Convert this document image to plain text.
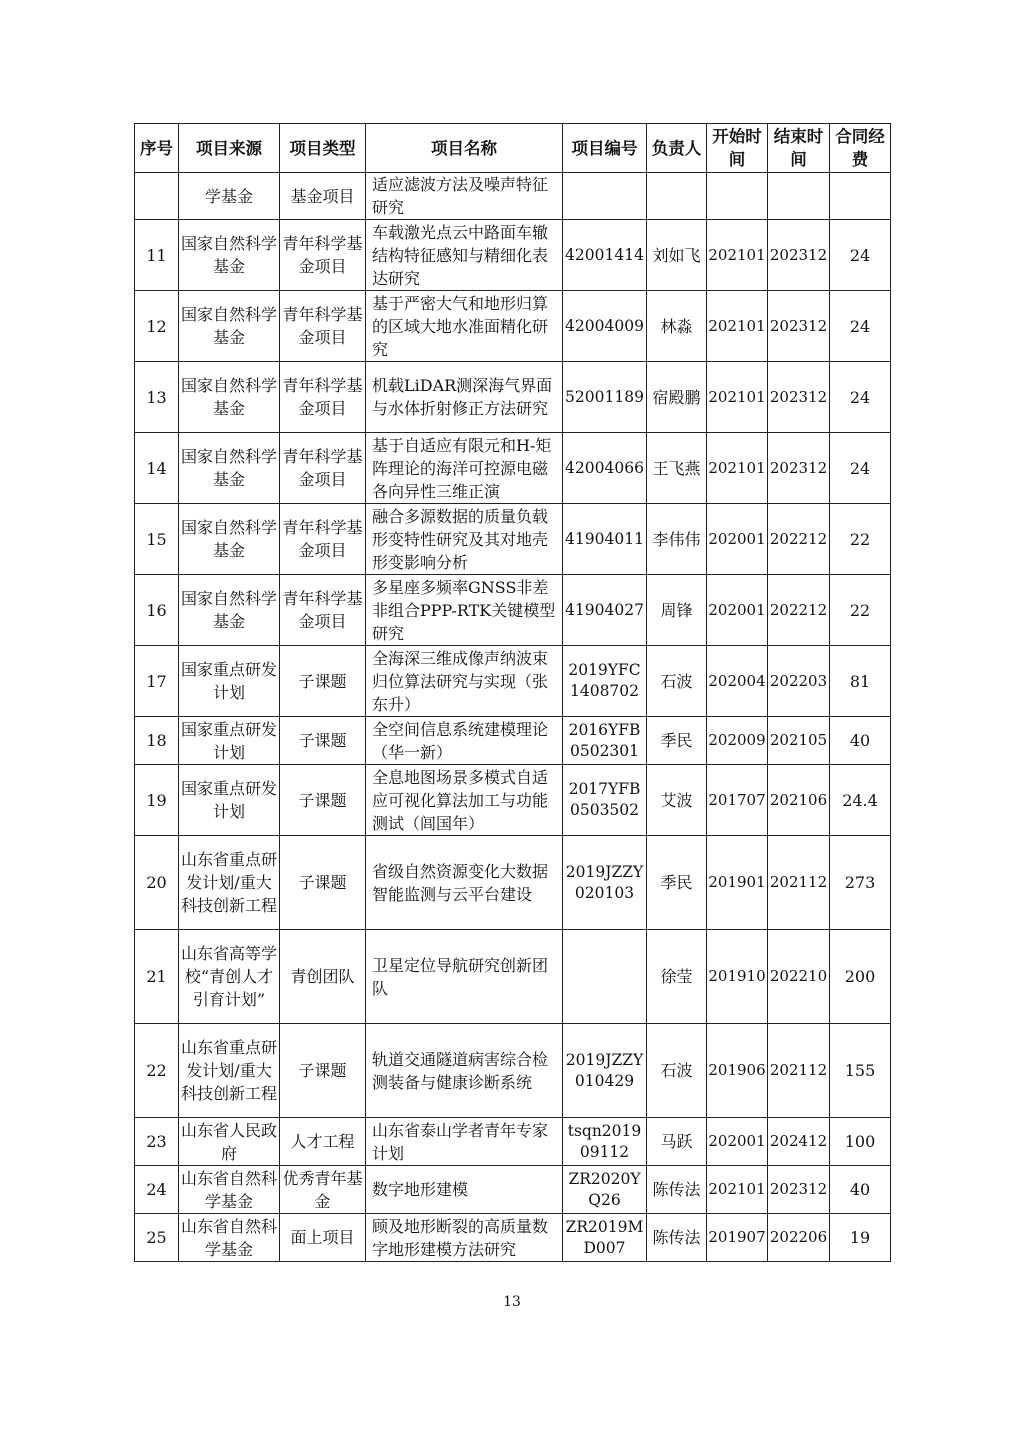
序号	项目来源	项目类型	项目名称	项目编号	负责人	开始时间	结束时间	合同经费
	学基金	基金项目	适应滤波方法及噪声特征研究					
11	国家自然科学基金	青年科学基金项目	车载激光点云中路面车辙结构特征感知与精细化表达研究	42001414	刘如飞	202101	202312	24
12	国家自然科学基金	青年科学基金项目	基于严密大气和地形归算的区域大地水准面精化研究	42004009	林淼	202101	202312	24
13	国家自然科学基金	青年科学基金项目	机载LiDAR测深海气界面与水体折射修正方法研究	52001189	宿殿鹏	202101	202312	24
14	国家自然科学基金	青年科学基金项目	基于自适应有限元和H-矩阵理论的海洋可控源电磁各向异性三维正演	42004066	王飞燕	202101	202312	24
15	国家自然科学基金	青年科学基金项目	融合多源数据的质量负载形变特性研究及其对地壳形变影响分析	41904011	李伟伟	202001	202212	22
16	国家自然科学基金	青年科学基金项目	多星座多频率GNSS非差非组合PPP-RTK关键模型研究	41904027	周锋	202001	202212	22
17	国家重点研发计划	子课题	全海深三维成像声纳波束归位算法研究与实现（张东升）	2019YFC1408702	石波	202004	202203	81
18	国家重点研发计划	子课题	全空间信息系统建模理论（华一新）	2016YFB0502301	季民	202009	202105	40
19	国家重点研发计划	子课题	全息地图场景多模式自适应可视化算法加工与功能测试（闾国年）	2017YFB0503502	艾波	201707	202106	24.4
20	山东省重点研发计划/重大科技创新工程	子课题	省级自然资源变化大数据智能监测与云平台建设	2019JZZY020103	季民	201901	202112	273
21	山东省高等学校“青创人才引育计划”	青创团队	卫星定位导航研究创新团队		徐莹	201910	202210	200
22	山东省重点研发计划/重大科技创新工程	子课题	轨道交通隧道病害综合检测装备与健康诊断系统	2019JZZY010429	石波	201906	202112	155
23	山东省人民政府	人才工程	山东省泰山学者青年专家计划	tsqn201909112	马跃	202001	202412	100
24	山东省自然科学基金	优秀青年基金	数字地形建模	ZR2020YQ26	陈传法	202101	202312	40
25	山东省自然科学基金	面上项目	顾及地形断裂的高质量数字地形建模方法研究	ZR2019MD007	陈传法	201907	202206	19
13
